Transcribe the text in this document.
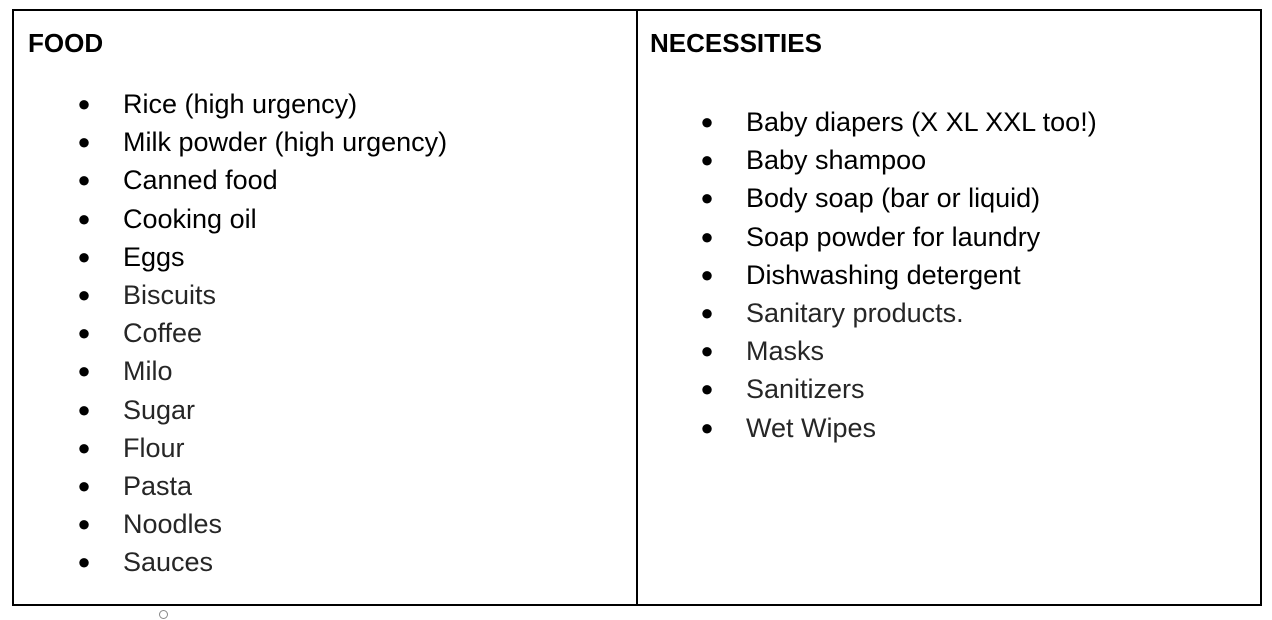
FOOD
● Rice (high urgency)
● Milk powder (high urgency)
● Canned food
● Cooking oil
● Eggs
● Biscuits
● Coffee
● Milo
● Sugar
● Flour
● Pasta
● Noodles
● Sauces
NECESSITIES
● Baby diapers (X XL XXL too!)
● Baby shampoo
● Body soap (bar or liquid)
● Soap powder for laundry
● Dishwashing detergent
● Sanitary products.
● Masks
● Sanitizers
● Wet Wipes
